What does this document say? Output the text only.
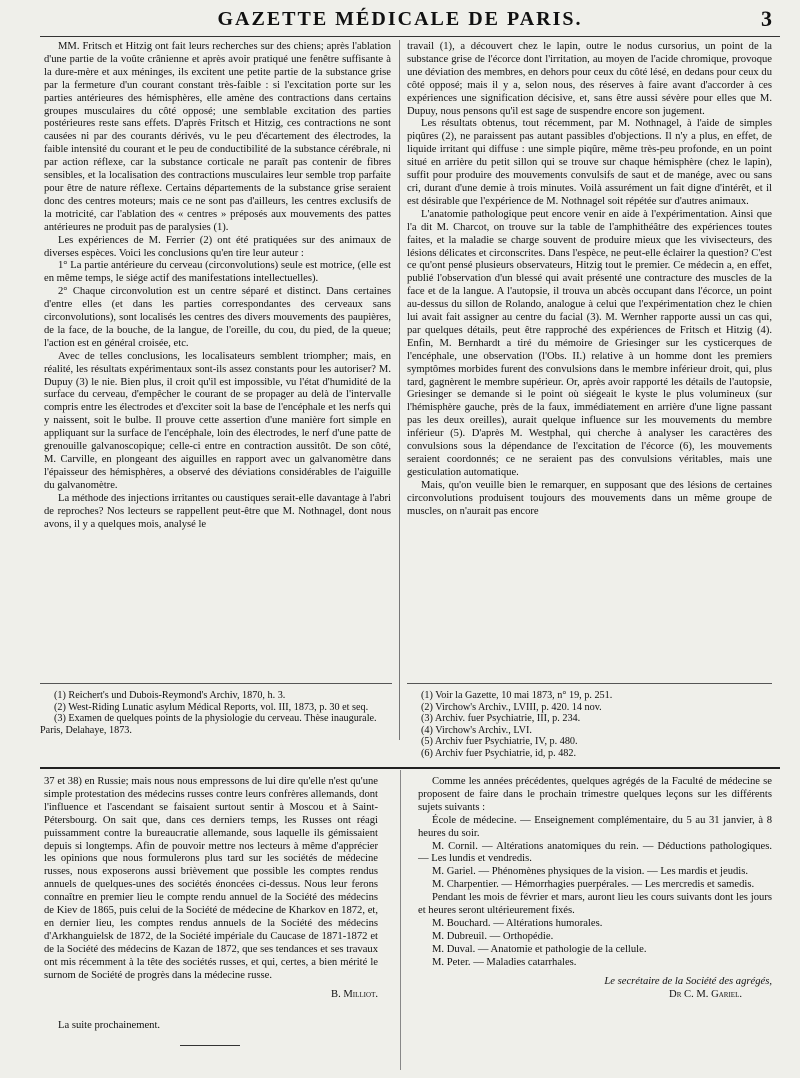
GAZETTE MÉDICALE DE PARIS.	3

MM. Fritsch et Hitzig ont fait leurs recherches sur des chiens; après l'ablation d'une partie de la voûte crânienne et après avoir pratiqué une fenêtre suffisante à la dure-mère et aux méninges, ils excitent une petite partie de la substance grise par la fermeture d'un courant constant très-faible : si l'excitation porte sur les parties antérieures des hémisphères, elle amène des contractions dans certains groupes musculaires du côté opposé; une semblable excitation des parties postérieures reste sans effets. D'après Fritsch et Hitzig, ces contractions ne sont causées ni par des courants dérivés, vu le peu d'écartement des électrodes, la faible intensité du courant et le peu de conductibilité de la substance cérébrale, ni par action réflexe, car la substance corticale ne paraît pas contenir de fibres sensibles, et la localisation des contractions musculaires leur semble trop parfaite pour être de nature réflexe. Certains départements de la substance grise seraient donc des centres moteurs; mais ce ne sont pas d'ailleurs, les centres exclusifs de la motricité, car l'ablation des « centres » préposés aux mouvements des pattes antérieures ne produit pas de paralysies (1).

Les expériences de M. Ferrier (2) ont été pratiquées sur des animaux de diverses espèces. Voici les conclusions qu'en tire leur auteur :

1° La partie antérieure du cerveau (circonvolutions) seule est motrice, (elle est en même temps, le siége actif des manifestations intellectuelles).

2° Chaque circonvolution est un centre séparé et distinct. Dans certaines d'entre elles (et dans les parties correspondantes des cerveaux sans circonvolutions), sont localisés les centres des divers mouvements des paupières, de la face, de la bouche, de la langue, de l'oreille, du cou, du pied, de la queue; l'action est en général croisée, etc.

Avec de telles conclusions, les localisateurs semblent triompher; mais, en réalité, les résultats expérimentaux sont-ils assez constants pour les autoriser? M. Dupuy (3) le nie. Bien plus, il croit qu'il est impossible, vu l'état d'humidité de la surface du cerveau, d'empêcher le courant de se propager au delà de l'intervalle compris entre les électrodes et d'exciter soit la base de l'encéphale et les nerfs qui y naissent, soit le bulbe. Il prouve cette assertion d'une manière fort simple en appliquant sur la surface de l'encéphale, loin des électrodes, le nerf d'une patte de grenouille galvanoscopique; celle-ci entre en contraction aussitôt. De son côté, M. Carville, en plongeant des aiguilles en rapport avec un galvanomètre dans l'épaisseur des hémisphères, a observé des déviations considérables de l'aiguille du galvanomètre.

La méthode des injections irritantes ou caustiques serait-elle davantage à l'abri de reproches? Nos lecteurs se rappellent peut-être que M. Nothnagel, dont nous avons, il y a quelques mois, analysé le

travail (1), a découvert chez le lapin, outre le nodus cursorius, un point de la substance grise de l'écorce dont l'irritation, au moyen de l'acide chromique, provoque une déviation des membres, en dehors pour ceux du côté lésé, en dedans pour ceux du côté opposé; mais il y a, selon nous, des réserves à faire avant d'accorder à ces expériences une signification décisive, et, sans être aussi sévère pour elles que M. Dupuy, nous pensons qu'il est sage de suspendre encore son jugement.

Les résultats obtenus, tout récemment, par M. Nothnagel, à l'aide de simples piqûres (2), ne paraissent pas autant passibles d'objections. Il n'y a plus, en effet, de liquide irritant qui diffuse : une simple piqûre, même très-peu profonde, en un point situé en arrière du petit sillon qui se trouve sur chaque hémisphère (chez le lapin), suffit pour produire des mouvements convulsifs de saut et de manége, avec ou sans cri, durant d'une demie à trois minutes. Voilà assurément un fait digne d'intérêt, et il est désirable que l'expérience de M. Nothnagel soit répétée sur d'autres animaux.

L'anatomie pathologique peut encore venir en aide à l'expérimentation. Ainsi que l'a dit M. Charcot, on trouve sur la table de l'amphithéâtre des expériences toutes faites, et la maladie se charge souvent de produire mieux que les vivisecteurs, des lésions délicates et circonscrites. Dans l'espèce, ne peut-elle éclairer la question? C'est ce qu'ont pensé plusieurs observateurs, Hitzig tout le premier. Ce médecin a, en effet, publié l'observation d'un blessé qui avait présenté une contracture des muscles de la face et de la langue. A l'autopsie, il trouva un abcès occupant dans l'écorce, un point au-dessus du sillon de Rolando, analogue à celui que l'expérimentation chez le chien lui avait fait assigner au centre du facial (3). M. Wernher rapporte aussi un cas qui, par quelques détails, peut être rapproché des expériences de Fritsch et Hitzig (4). Enfin, M. Bernhardt a tiré du mémoire de Griesinger sur les cysticerques de l'encéphale, une observation (l'Obs. II.) relative à un homme dont les premiers symptômes morbides furent des convulsions dans le membre inférieur droit, qui, plus tard, gagnèrent le membre supérieur. Or, après avoir rapporté les détails de l'autopsie, Griesinger se demande si le point où siégeait le kyste le plus volumineux (sur l'hémisphère gauche, près de la faux, immédiatement en arrière d'une ligne passant pas les deux oreilles), aurait quelque influence sur les mouvements du membre inférieur (5). D'après M. Westphal, qui cherche à analyser les caractères des convulsions sous la dépendance de l'excitation de l'écorce (6), les mouvements seraient coordonnés; ce ne seraient pas des convulsions véritables, mais une gesticulation automatique.

Mais, qu'on veuille bien le remarquer, en supposant que des lésions de certaines circonvolutions produisent toujours des mouvements dans un même groupe de muscles, on n'aurait pas encore

(1) Reichert's und Dubois-Reymond's Archiv, 1870, h. 3.
(2) West-Riding Lunatic asylum Médical Reports, vol. III, 1873, p. 30 et seq.
(3) Examen de quelques points de la physiologie du cerveau. Thèse inaugurale. Paris, Delahaye, 1873.
(1) Voir la Gazette, 10 mai 1873, n° 19, p. 251.
(2) Virchow's Archiv., LVIII, p. 420. 14 nov.
(3) Archiv. fuer Psychiatrie, III, p. 234.
(4) Virchow's Archiv., LVI.
(5) Archiv fuer Psychiatrie, IV, p. 480.
(6) Archiv fuer Psychiatrie, id, p. 482.

37 et 38) en Russie; mais nous nous empressons de lui dire qu'elle n'est qu'une simple protestation des médecins russes contre leurs confrères allemands, dont l'influence et l'ascendant se faisaient surtout sentir à Moscou et à Saint-Pétersbourg. On sait que, dans ces derniers temps, les Russes ont réagi puissamment contre la bureaucratie allemande, sous laquelle ils gémissaient depuis si longtemps. Afin de pouvoir mettre nos lecteurs à même d'apprécier les opinions que nous formulerons plus tard sur les sociétés de médecine russes, nous exposerons aussi brièvement que possible les comptes rendus annuels de quelques-unes des sociétés énoncées ci-dessus. Nous leur ferons connaître en premier lieu le compte rendu annuel de la Société des médecins de Kiev de 1865, puis celui de la Société de médecine de Kharkov en 1872, et, en dernier lieu, les comptes rendus annuels de la Société des médecins d'Arkhanguielsk de 1872, de la Société impériale du Caucase de 1871-1872 et de la Société des médecins de Kazan de 1872, que ses tendances et ses travaux ont mis récemment à la tête des sociétés russes, et qui, certes, a bien mérité le surnom de Société de progrès dans la médecine russe.

B. Milliot.
La suite prochainement.

Comme les années précédentes, quelques agrégés de la Faculté de médecine se proposent de faire dans le prochain trimestre quelques leçons sur les différents sujets suivants :

École de médecine. — Enseignement complémentaire, du 5 au 31 janvier, à 8 heures du soir.

M. Cornil. — Altérations anatomiques du rein. — Déductions pathologiques. — Les lundis et vendredis.

M. Gariel. — Phénomènes physiques de la vision. — Les mardis et jeudis.

M. Charpentier. — Hémorrhagies puerpérales. — Les mercredis et samedis.

Pendant les mois de février et mars, auront lieu les cours suivants dont les jours et heures seront ultérieurement fixés.

M. Bouchard. — Altérations humorales.

M. Dubreuil. — Orthopédie.

M. Duval. — Anatomie et pathologie de la cellule.

M. Peter. — Maladies catarrhales.

Le secrétaire de la Société des agrégés,
Dr C. M. Gariel.
